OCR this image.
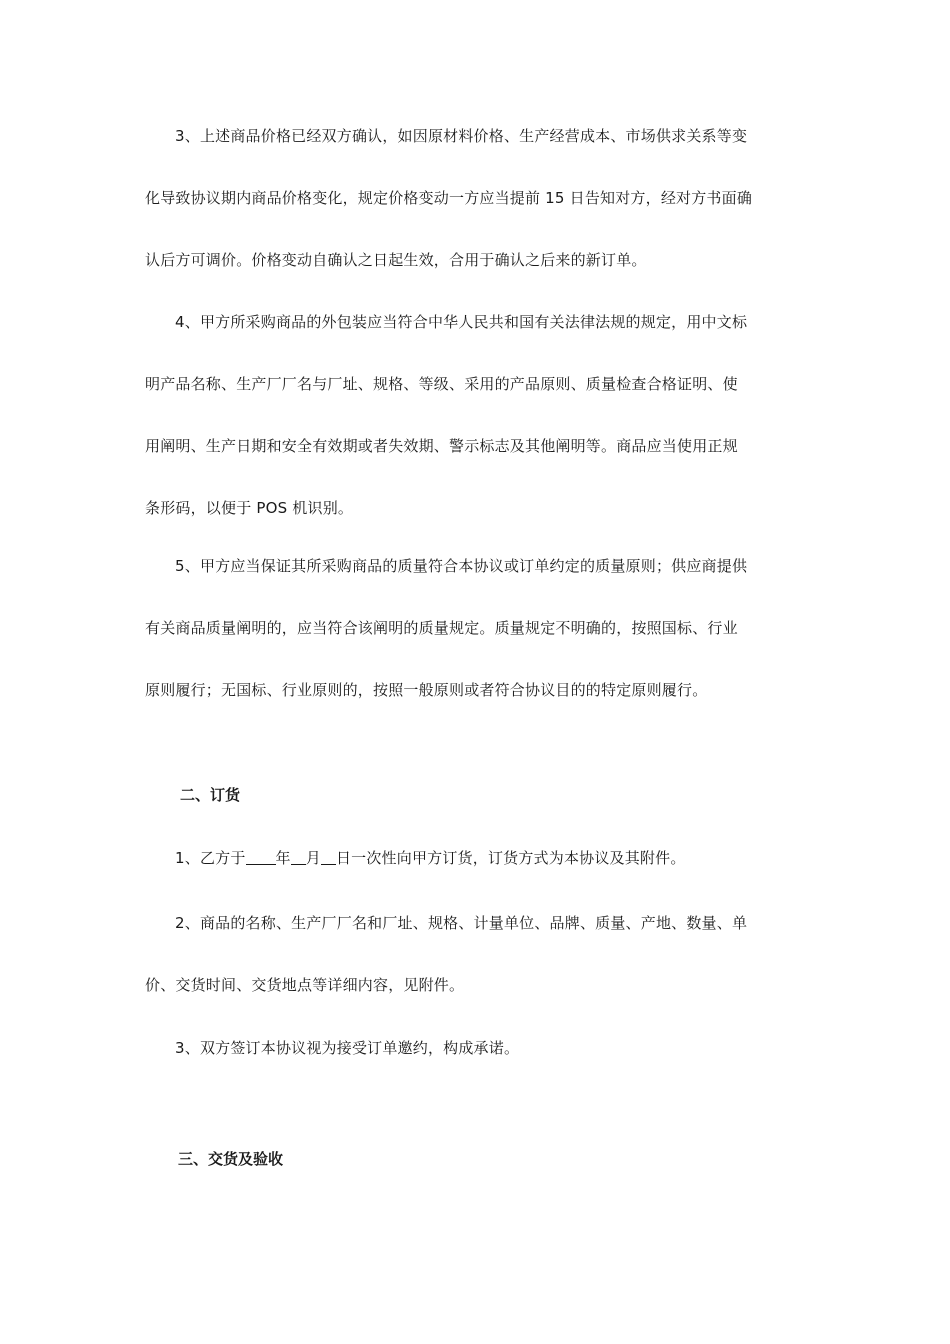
3、上述商品价格已经双方确认，如因原材料价格、生产经营成本、市场供求关系等变
化导致协议期内商品价格变化，规定价格变动一方应当提前 15 日告知对方，经对方书面确
认后方可调价。价格变动自确认之日起生效，合用于确认之后来的新订单。
4、甲方所采购商品的外包装应当符合中华人民共和国有关法律法规的规定，用中文标
明产品名称、生产厂厂名与厂址、规格、等级、采用的产品原则、质量检查合格证明、使
用阐明、生产日期和安全有效期或者失效期、警示标志及其他阐明等。商品应当使用正规
条形码，以便于 POS 机识别。
5、甲方应当保证其所采购商品的质量符合本协议或订单约定的质量原则；供应商提供
有关商品质量阐明的，应当符合该阐明的质量规定。质量规定不明确的，按照国标、行业
原则履行；无国标、行业原则的，按照一般原则或者符合协议目的的特定原则履行。
二、订货
1、乙方于 年 月 日一次性向甲方订货，订货方式为本协议及其附件。
2、商品的名称、生产厂厂名和厂址、规格、计量单位、品牌、质量、产地、数量、单
价、交货时间、交货地点等详细内容，见附件。
3、双方签订本协议视为接受订单邀约，构成承诺。
三、交货及验收
